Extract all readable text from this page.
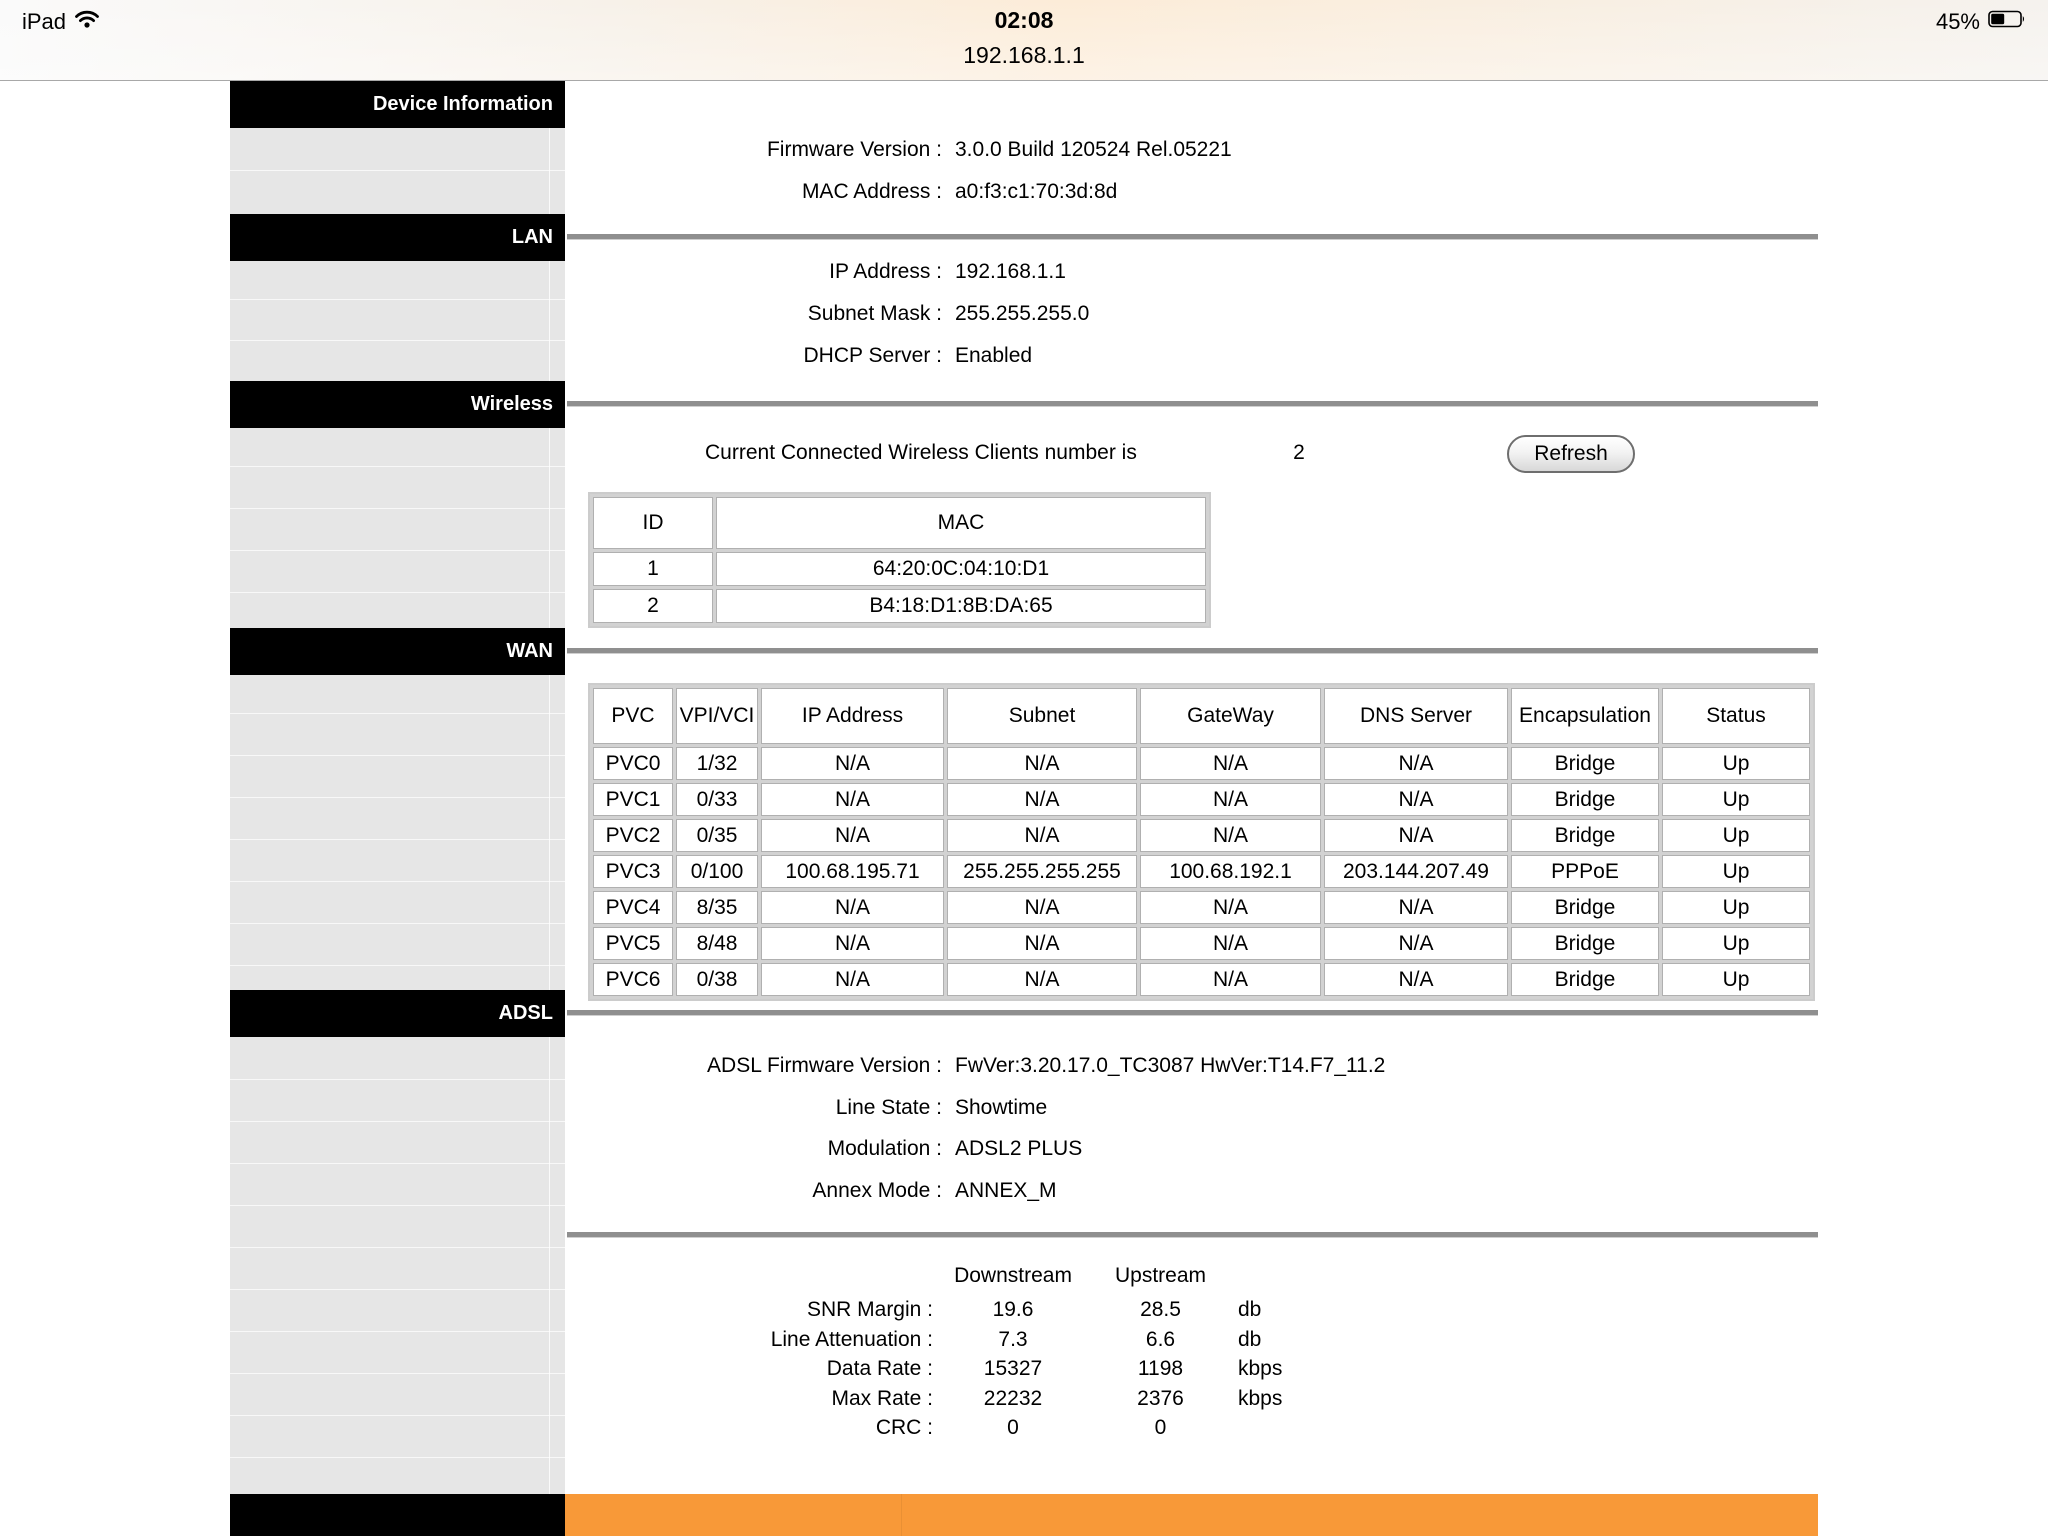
iPad	02:08
192.168.1.1
45%
Device Information
LAN
Wireless
WAN
ADSL
Firmware Version : 3.0.0 Build 120524 Rel.05221
MAC Address : a0:f3:c1:70:3d:8d
IP Address : 192.168.1.1
Subnet Mask : 255.255.255.0
DHCP Server : Enabled
ADSL Firmware Version : FwVer:3.20.17.0_TC3087 HwVer:T14.F7_11.2
Line State : Showtime
Modulation : ADSL2 PLUS
Annex Mode : ANNEX_M
Current Connected Wireless Clients number is	2	Refresh
ID	MAC
1	64:20:0C:04:10:D1
2	B4:18:D1:8B:DA:65
PVC	VPI/VCI	IP Address	Subnet	GateWay	DNS Server	Encapsulation	Status
PVC0	1/32	N/A	N/A	N/A	N/A	Bridge	Up
PVC1	0/33	N/A	N/A	N/A	N/A	Bridge	Up
PVC2	0/35	N/A	N/A	N/A	N/A	Bridge	Up
PVC3	0/100	100.68.195.71	255.255.255.255	100.68.192.1	203.144.207.49	PPPoE	Up
PVC4	8/35	N/A	N/A	N/A	N/A	Bridge	Up
PVC5	8/48	N/A	N/A	N/A	N/A	Bridge	Up
PVC6	0/38	N/A	N/A	N/A	N/A	Bridge	Up
Downstream	Upstream
SNR Margin :	19.6	28.5	db
Line Attenuation :	7.3	6.6	db
Data Rate :	15327	1198	kbps
Max Rate :	22232	2376	kbps
CRC :	0	0
